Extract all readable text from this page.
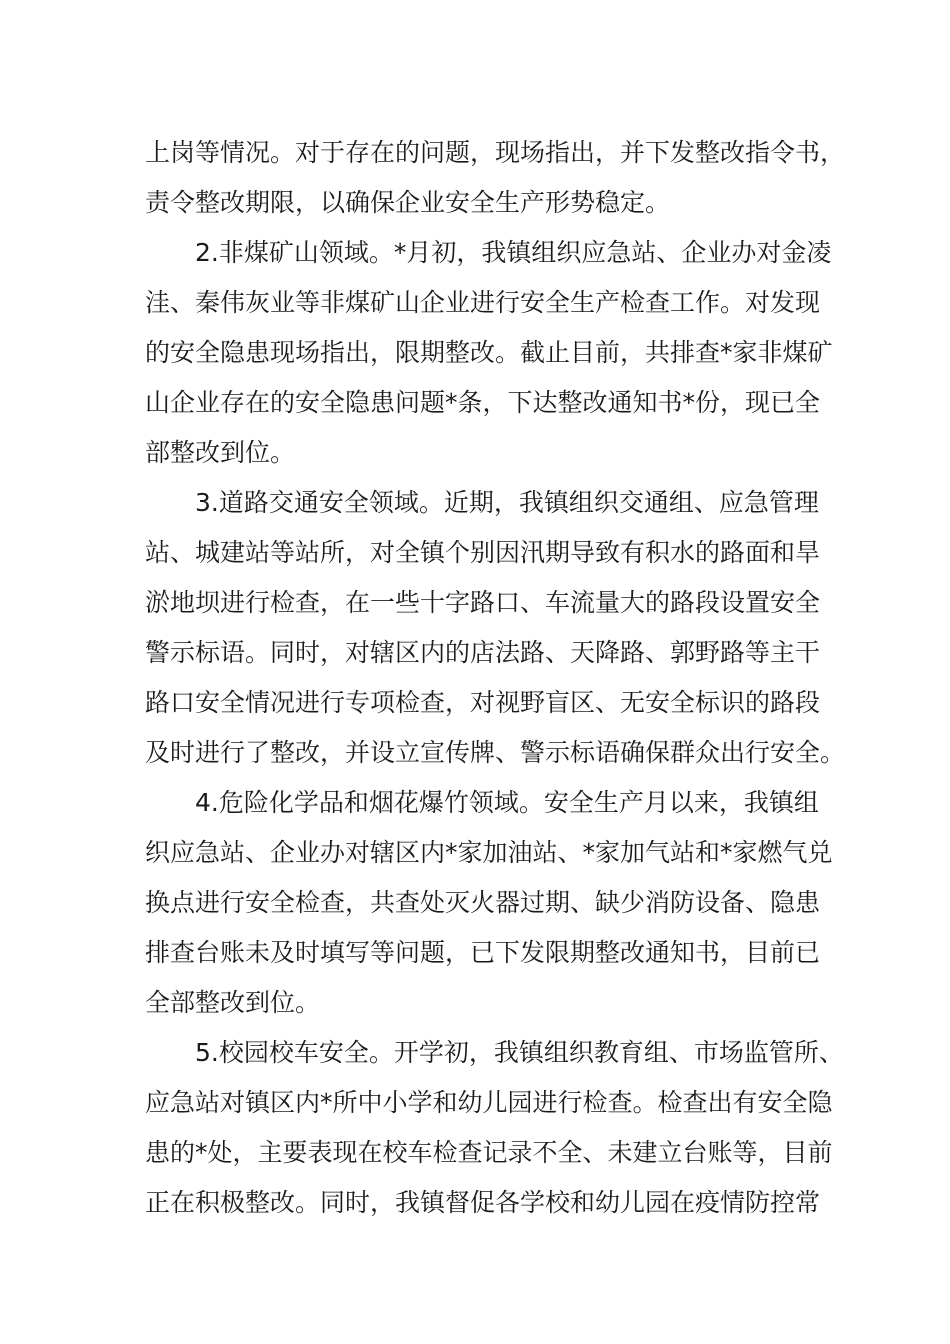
上岗等情况。对于存在的问题，现场指出，并下发整改指令书，
责令整改期限，以确保企业安全生产形势稳定。
2.非煤矿山领域。*月初，我镇组织应急站、企业办对金凌
洼、秦伟灰业等非煤矿山企业进行安全生产检查工作。对发现
的安全隐患现场指出，限期整改。截止目前，共排查*家非煤矿
山企业存在的安全隐患问题*条，下达整改通知书*份，现已全
部整改到位。
3.道路交通安全领域。近期，我镇组织交通组、应急管理
站、城建站等站所，对全镇个别因汛期导致有积水的路面和旱
淤地坝进行检查，在一些十字路口、车流量大的路段设置安全
警示标语。同时，对辖区内的店法路、天降路、郭野路等主干
路口安全情况进行专项检查，对视野盲区、无安全标识的路段
及时进行了整改，并设立宣传牌、警示标语确保群众出行安全。
4.危险化学品和烟花爆竹领域。安全生产月以来，我镇组
织应急站、企业办对辖区内*家加油站、*家加气站和*家燃气兑
换点进行安全检查，共查处灭火器过期、缺少消防设备、隐患
排查台账未及时填写等问题，已下发限期整改通知书，目前已
全部整改到位。
5.校园校车安全。开学初，我镇组织教育组、市场监管所、
应急站对镇区内*所中小学和幼儿园进行检查。检查出有安全隐
患的*处，主要表现在校车检查记录不全、未建立台账等，目前
正在积极整改。同时，我镇督促各学校和幼儿园在疫情防控常
